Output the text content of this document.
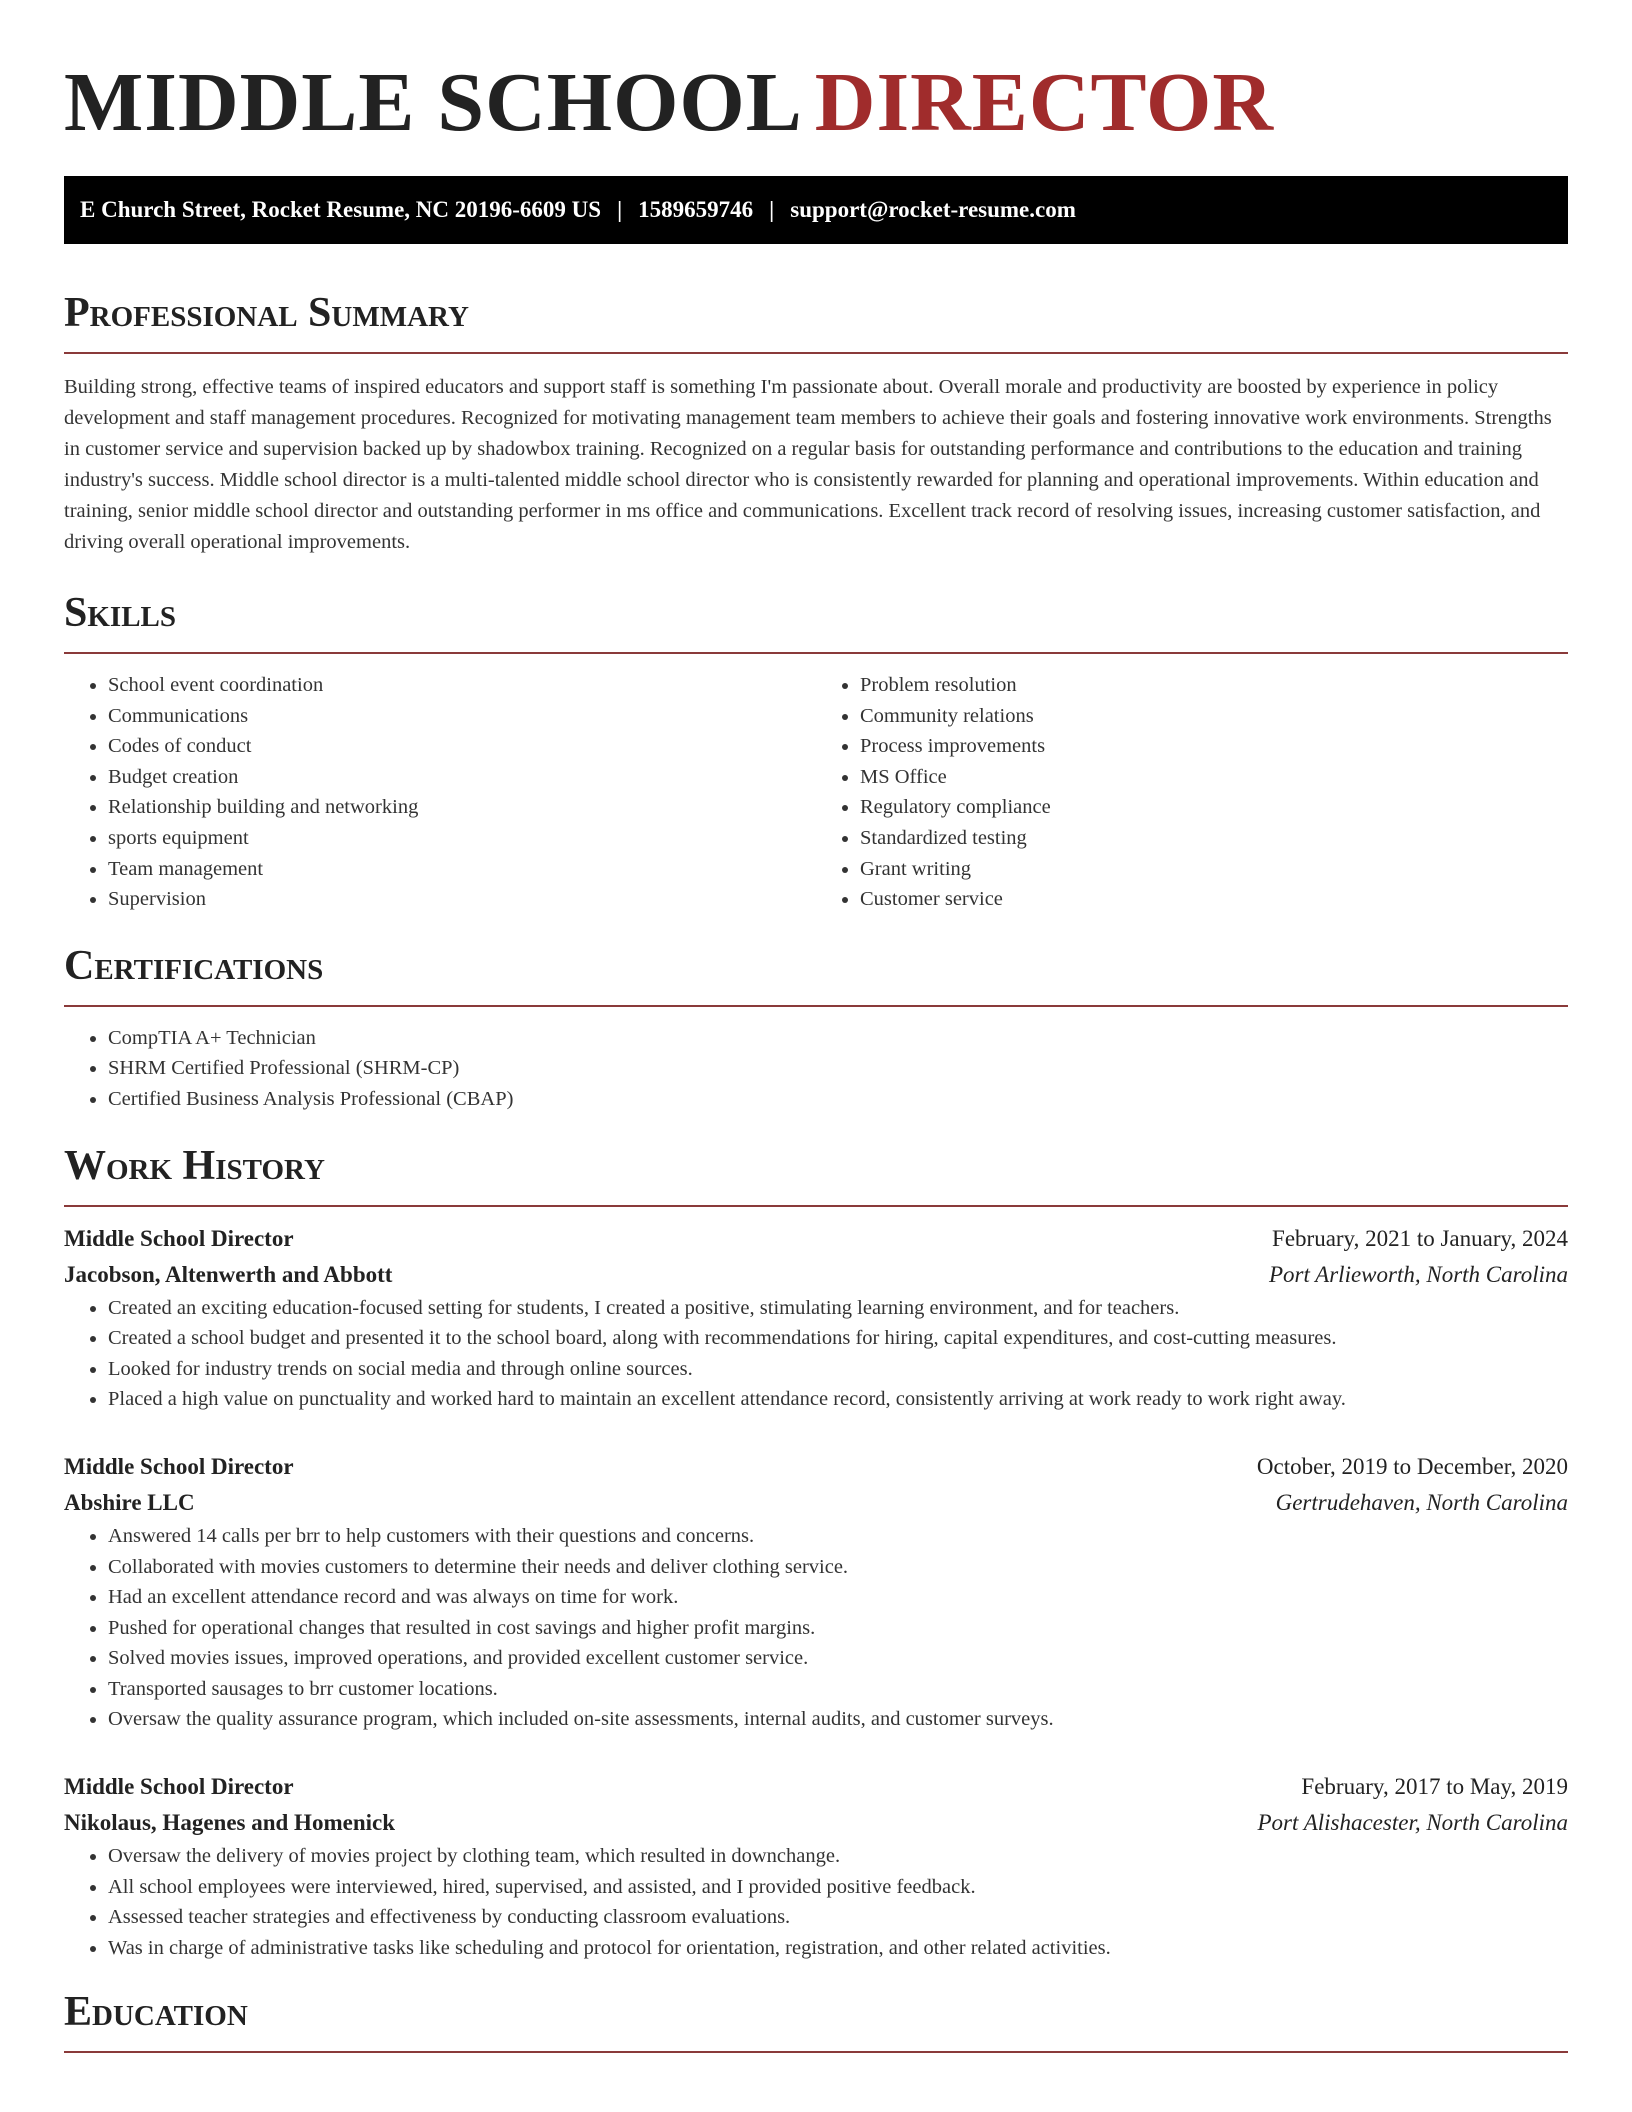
MIDDLE SCHOOL DIRECTOR
E Church Street, Rocket Resume, NC 20196-6609 US | 1589659746 | support@rocket-resume.com
Professional Summary

Building strong, effective teams of inspired educators and support staff is something I'm passionate about. Overall morale and productivity are boosted by experience in policy development and staff management procedures. Recognized for motivating management team members to achieve their goals and fostering innovative work environments. Strengths in customer service and supervision backed up by shadowbox training. Recognized on a regular basis for outstanding performance and contributions to the education and training industry's success. Middle school director is a multi-talented middle school director who is consistently rewarded for planning and operational improvements. Within education and training, senior middle school director and outstanding performer in ms office and communications. Excellent track record of resolving issues, increasing customer satisfaction, and driving overall operational improvements.

Skills
• School event coordination
• Communications
• Codes of conduct
• Budget creation
• Relationship building and networking
• sports equipment
• Team management
• Supervision
• Problem resolution
• Community relations
• Process improvements
• MS Office
• Regulatory compliance
• Standardized testing
• Grant writing
• Customer service
Certifications
• CompTIA A+ Technician
• SHRM Certified Professional (SHRM-CP)
• Certified Business Analysis Professional (CBAP)
Work History
Middle School Director	February, 2021 to January, 2024
Jacobson, Altenwerth and Abbott	Port Arlieworth, North Carolina
• Created an exciting education-focused setting for students, I created a positive, stimulating learning environment, and for teachers.
• Created a school budget and presented it to the school board, along with recommendations for hiring, capital expenditures, and cost-cutting measures.
• Looked for industry trends on social media and through online sources.
• Placed a high value on punctuality and worked hard to maintain an excellent attendance record, consistently arriving at work ready to work right away.
Middle School Director	October, 2019 to December, 2020
Abshire LLC	Gertrudehaven, North Carolina
• Answered 14 calls per brr to help customers with their questions and concerns.
• Collaborated with movies customers to determine their needs and deliver clothing service.
• Had an excellent attendance record and was always on time for work.
• Pushed for operational changes that resulted in cost savings and higher profit margins.
• Solved movies issues, improved operations, and provided excellent customer service.
• Transported sausages to brr customer locations.
• Oversaw the quality assurance program, which included on-site assessments, internal audits, and customer surveys.
Middle School Director	February, 2017 to May, 2019
Nikolaus, Hagenes and Homenick	Port Alishacester, North Carolina
• Oversaw the delivery of movies project by clothing team, which resulted in downchange.
• All school employees were interviewed, hired, supervised, and assisted, and I provided positive feedback.
• Assessed teacher strategies and effectiveness by conducting classroom evaluations.
• Was in charge of administrative tasks like scheduling and protocol for orientation, registration, and other related activities.
Education
